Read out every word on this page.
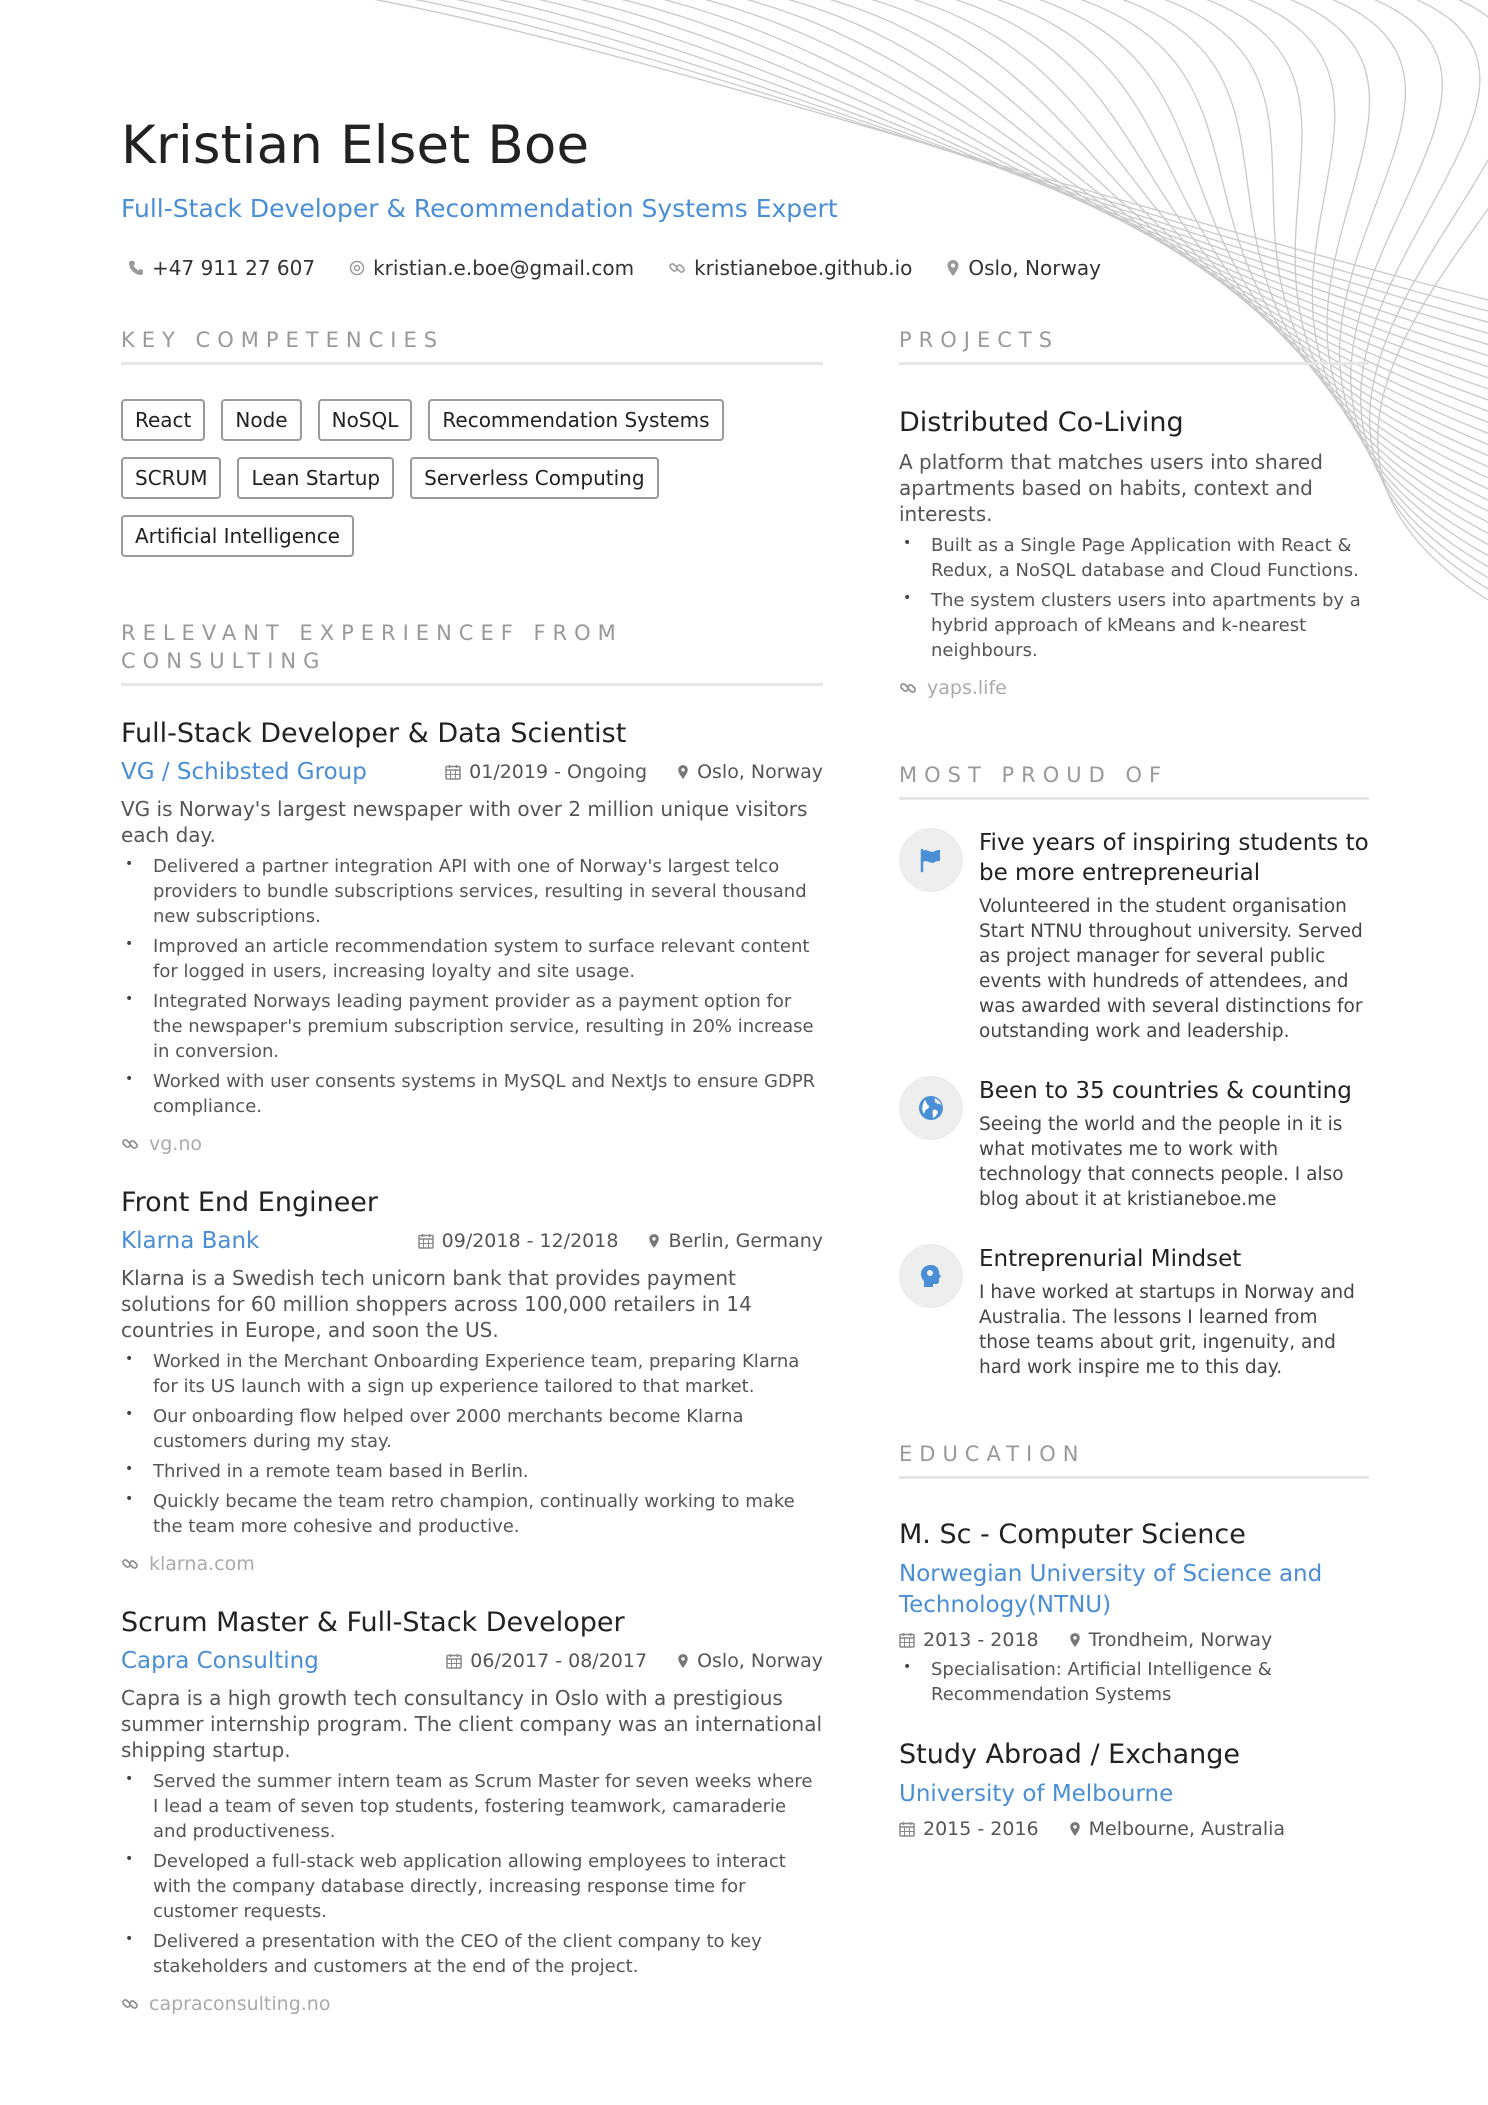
Kristian Elset Boe
Full-Stack Developer & Recommendation Systems Expert
+47 911 27 607	kristian.e.boe@gmail.com	kristianeboe.github.io	Oslo, Norway
KEY COMPETENCIES
React	Node	NoSQL	Recommendation Systems
SCRUM	Lean Startup	Serverless Computing
Artificial Intelligence
RELEVANT EXPERIENCEF FROM CONSULTING
Full-Stack Developer & Data Scientist
VG / Schibsted Group	01/2019 - Ongoing	Oslo, Norway
VG is Norway's largest newspaper with over 2 million unique visitors each day.
• Delivered a partner integration API with one of Norway's largest telco providers to bundle subscriptions services, resulting in several thousand new subscriptions.
• Improved an article recommendation system to surface relevant content for logged in users, increasing loyalty and site usage.
• Integrated Norways leading payment provider as a payment option for the newspaper's premium subscription service, resulting in 20% increase in conversion.
• Worked with user consents systems in MySQL and NextJs to ensure GDPR compliance.
vg.no
Front End Engineer
Klarna Bank	09/2018 - 12/2018	Berlin, Germany
Klarna is a Swedish tech unicorn bank that provides payment solutions for 60 million shoppers across 100,000 retailers in 14 countries in Europe, and soon the US.
• Worked in the Merchant Onboarding Experience team, preparing Klarna for its US launch with a sign up experience tailored to that market.
• Our onboarding flow helped over 2000 merchants become Klarna customers during my stay.
• Thrived in a remote team based in Berlin.
• Quickly became the team retro champion, continually working to make the team more cohesive and productive.
klarna.com
Scrum Master & Full-Stack Developer
Capra Consulting	06/2017 - 08/2017	Oslo, Norway
Capra is a high growth tech consultancy in Oslo with a prestigious summer internship program. The client company was an international shipping startup.
• Served the summer intern team as Scrum Master for seven weeks where I lead a team of seven top students, fostering teamwork, camaraderie and productiveness.
• Developed a full-stack web application allowing employees to interact with the company database directly, increasing response time for customer requests.
• Delivered a presentation with the CEO of the client company to key stakeholders and customers at the end of the project.
capraconsulting.no
PROJECTS
Distributed Co-Living
A platform that matches users into shared apartments based on habits, context and interests.
• Built as a Single Page Application with React & Redux, a NoSQL database and Cloud Functions.
• The system clusters users into apartments by a hybrid approach of kMeans and k-nearest neighbours.
yaps.life
MOST PROUD OF
Five years of inspiring students to be more entrepreneurial
Volunteered in the student organisation Start NTNU throughout university. Served as project manager for several public events with hundreds of attendees, and was awarded with several distinctions for outstanding work and leadership.
Been to 35 countries & counting
Seeing the world and the people in it is what motivates me to work with technology that connects people. I also blog about it at kristianeboe.me
Entreprenurial Mindset
I have worked at startups in Norway and Australia. The lessons I learned from those teams about grit, ingenuity, and hard work inspire me to this day.
EDUCATION
M. Sc - Computer Science
Norwegian University of Science and Technology(NTNU)
2013 - 2018	Trondheim, Norway
• Specialisation: Artificial Intelligence & Recommendation Systems
Study Abroad / Exchange
University of Melbourne
2015 - 2016	Melbourne, Australia
